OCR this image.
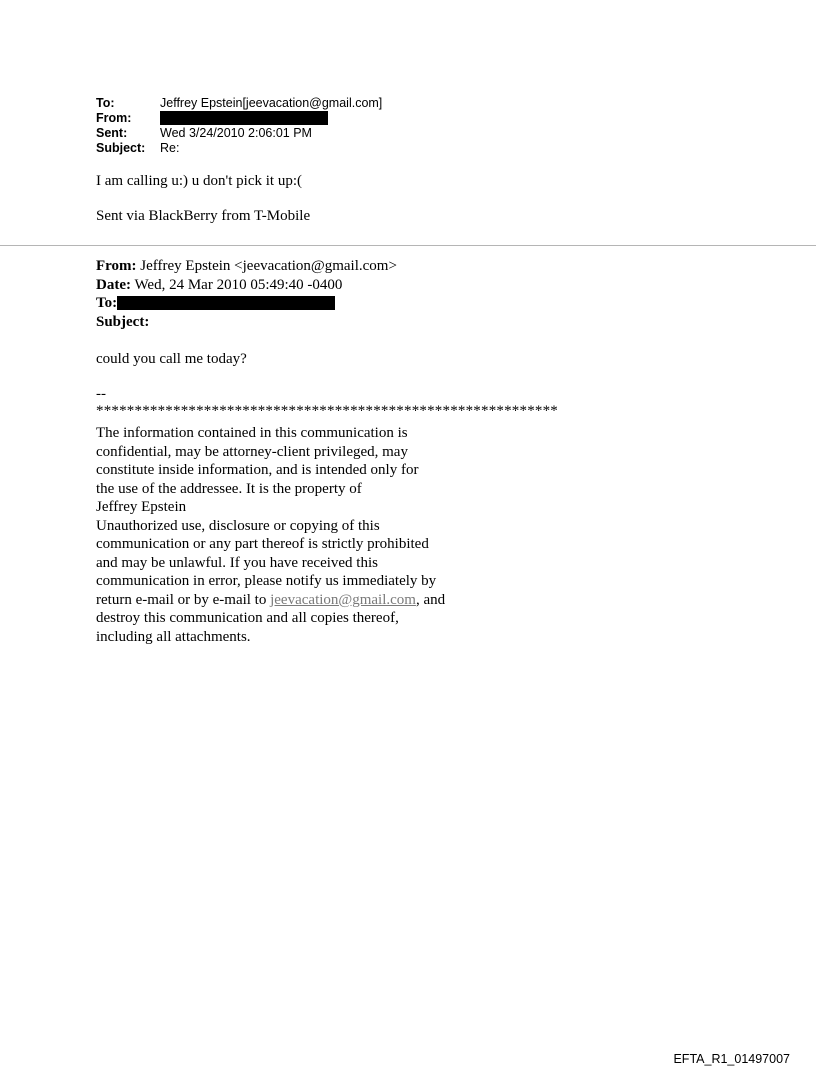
To:	Jeffrey Epstein[jeevacation@gmail.com]
From:
Sent:	Wed 3/24/2010 2:06:01 PM
Subject:	Re:
I am calling u:) u don't pick it up:(
Sent via BlackBerry from T-Mobile
From: Jeffrey Epstein <jeevacation@gmail.com>
Date: Wed, 24 Mar 2010 05:49:40 -0400
To:
Subject:
could you call me today?
--
************************************************************
The information contained in this communication is
confidential, may be attorney-client privileged, may
constitute inside information, and is intended only for
the use of the addressee. It is the property of
Jeffrey Epstein
Unauthorized use, disclosure or copying of this
communication or any part thereof is strictly prohibited
and may be unlawful. If you have received this
communication in error, please notify us immediately by
return e-mail or by e-mail to jeevacation@gmail.com, and
destroy this communication and all copies thereof,
including all attachments.
EFTA_R1_01497007
